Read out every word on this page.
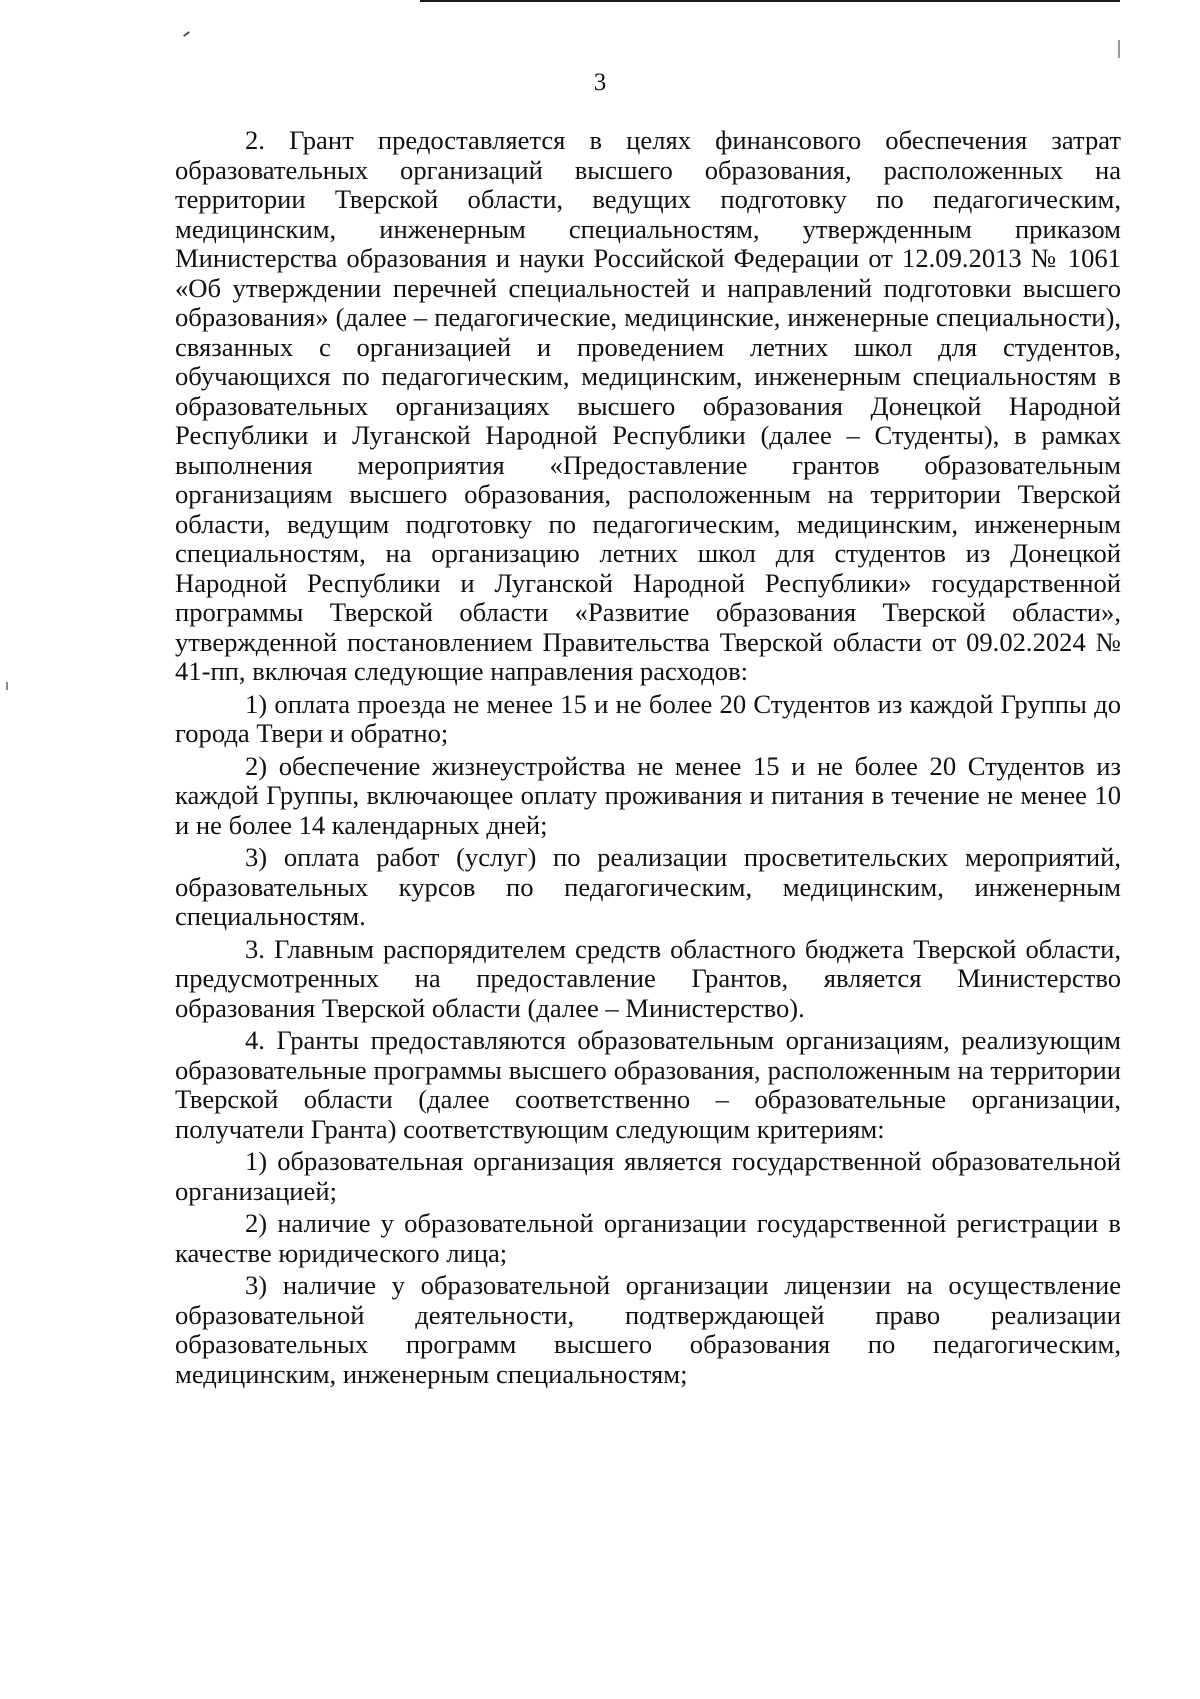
3

2. Грант предоставляется в целях финансового обеспечения затрат образовательных организаций высшего образования, расположенных на территории Тверской области, ведущих подготовку по педагогическим, медицинским, инженерным специальностям, утвержденным приказом Министерства образования и науки Российской Федерации от 12.09.2013 № 1061 «Об утверждении перечней специальностей и направлений подготовки высшего образования» (далее – педагогические, медицинские, инженерные специальности), связанных с организацией и проведением летних школ для студентов, обучающихся по педагогическим, медицинским, инженерным специальностям в образовательных организациях высшего образования Донецкой Народной Республики и Луганской Народной Республики (далее – Студенты), в рамках выполнения мероприятия «Предоставление грантов образовательным организациям высшего образования, расположенным на территории Тверской области, ведущим подготовку по педагогическим, медицинским, инженерным специальностям, на организацию летних школ для студентов из Донецкой Народной Республики и Луганской Народной Республики» государственной программы Тверской области «Развитие образования Тверской области», утвержденной постановлением Правительства Тверской области от 09.02.2024 № 41-пп, включая следующие направления расходов:

1) оплата проезда не менее 15 и не более 20 Студентов из каждой Группы до города Твери и обратно;

2) обеспечение жизнеустройства не менее 15 и не более 20 Студентов из каждой Группы, включающее оплату проживания и питания в течение не менее 10 и не более 14 календарных дней;

3) оплата работ (услуг) по реализации просветительских мероприятий, образовательных курсов по педагогическим, медицинским, инженерным специальностям.

3. Главным распорядителем средств областного бюджета Тверской области, предусмотренных на предоставление Грантов, является Министерство образования Тверской области (далее – Министерство).

4. Гранты предоставляются образовательным организациям, реализующим образовательные программы высшего образования, расположенным на территории Тверской области (далее соответственно – образовательные организации, получатели Гранта) соответствующим следующим критериям:

1) образовательная организация является государственной образовательной организацией;

2) наличие у образовательной организации государственной регистрации в качестве юридического лица;

3) наличие у образовательной организации лицензии на осуществление образовательной деятельности, подтверждающей право реализации образовательных программ высшего образования по педагогическим, медицинским, инженерным специальностям;
